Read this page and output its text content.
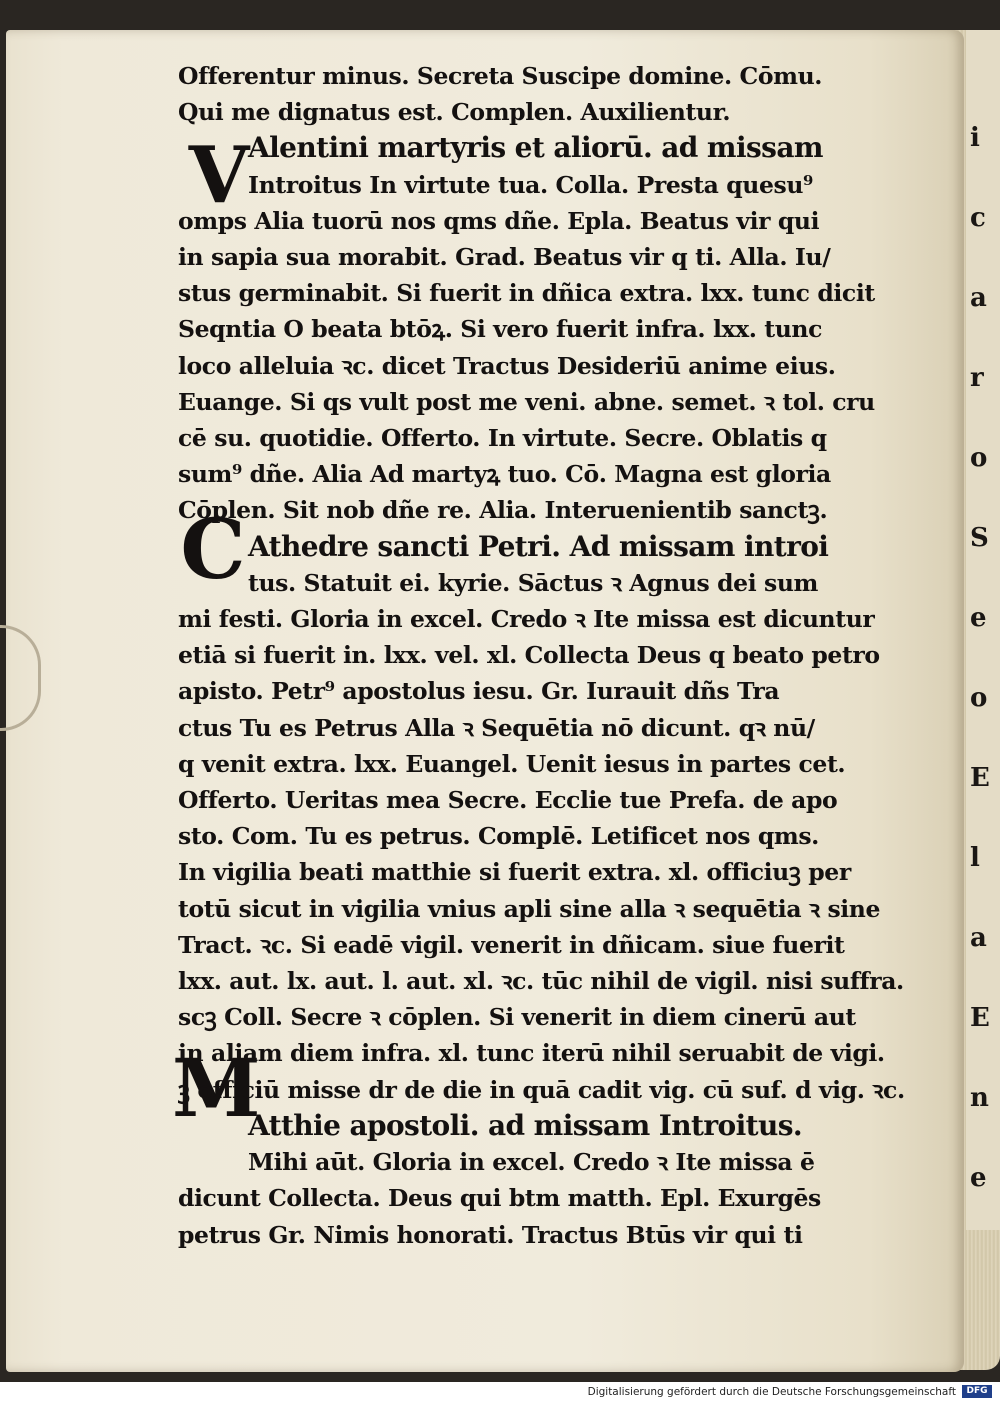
i
c
a
r
o
S
e
o
E
l
a
E
n
e
V
C
M
Offerentur minus. Secreta Suscipe domine. Cōmu.
Qui me dignatus est. Complen. Auxilientur.
Alentini martyris et aliorū. ad missam
Introitus In virtute tua. Colla. Presta quesu⁹
omps Alia tuorū nos qms dñe. Epla. Beatus vir qui
in sapia sua morabit. Grad. Beatus vir q ti. Alla. Iu/
stus germinabit. Si fuerit in dñica extra. lxx. tunc dicit
Seqntia O beata btōꝝ. Si vero fuerit infra. lxx. tunc
loco alleluia ꝛc. dicet Tractus Desideriū anime eius.
Euange. Si qs vult post me veni. abne. semet. ꝛ tol. cru
cē su. quotidie. Offerto. In virtute. Secre. Oblatis q
sum⁹ dñe. Alia Ad martyꝝ tuo. Cō. Magna est gloria
Cōplen. Sit nob dñe re. Alia. Interuenientib sanctꝫ.
Athedre sancti Petri. Ad missam introi
tus. Statuit ei. kyrie. Sāctus ꝛ Agnus dei sum
mi festi. Gloria in excel. Credo ꝛ Ite missa est dicuntur
etiā si fuerit in. lxx. vel. xl. Collecta Deus q beato petro
apisto. Petr⁹ apostolus iesu. Gr. Iurauit dñs Tra
ctus Tu es Petrus Alla ꝛ Sequētia nō dicunt. qꝛ nū/
q venit extra. lxx. Euangel. Uenit iesus in partes cet.
Offerto. Ueritas mea Secre. Ecclie tue Prefa. de apo
sto. Com. Tu es petrus. Complē. Letificet nos qms.
In vigilia beati matthie si fuerit extra. xl. officiuꝫ per
totū sicut in vigilia vnius apli sine alla ꝛ sequētia ꝛ sine
Tract. ꝛc. Si eadē vigil. venerit in dñicam. siue fuerit
lxx. aut. lx. aut. l. aut. xl. ꝛc. tūc nihil de vigil. nisi suffra.
scꝫ Coll. Secre ꝛ cōplen. Si venerit in diem cinerū aut
in aliam diem infra. xl. tunc iterū nihil seruabit de vigi.
ꝫ officiū misse dr de die in quā cadit vig. cū suf. d vig. ꝛc.
Atthie apostoli. ad missam Introitus.
Mihi aūt. Gloria in excel. Credo ꝛ Ite missa ē
dicunt Collecta. Deus qui btm matth. Epl. Exurgēs
petrus Gr. Nimis honorati. Tractus Btūs vir qui ti
Digitalisierung gefördert durch die Deutsche Forschungsgemeinschaft	DFG
